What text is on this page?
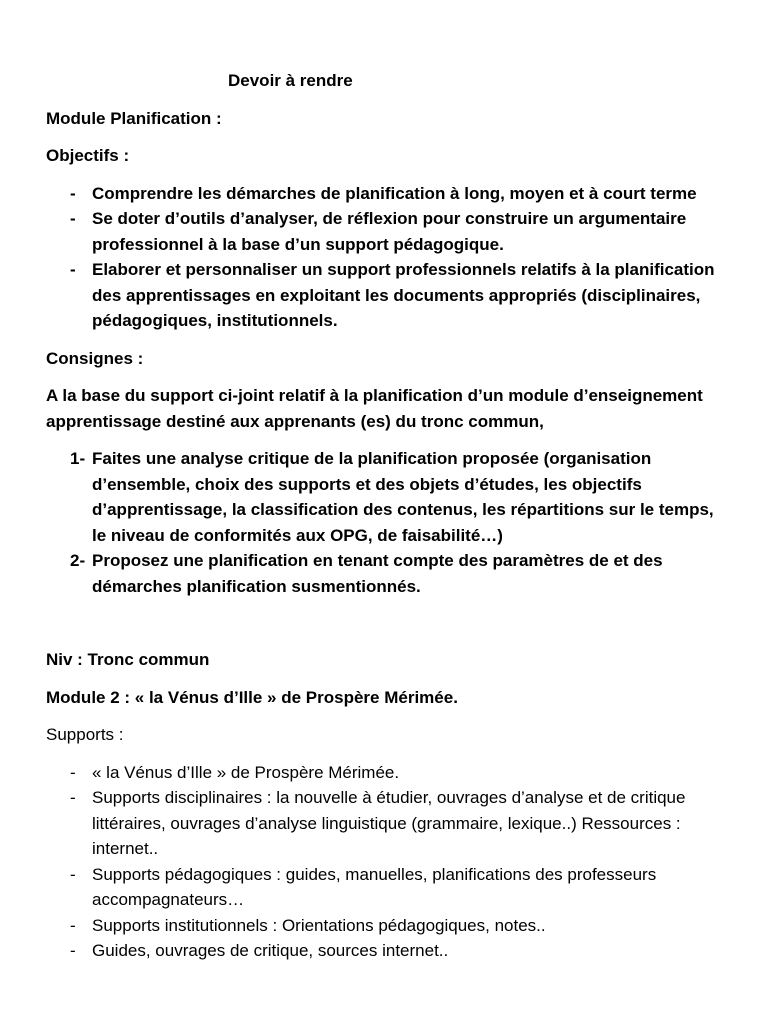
Devoir à rendre
Module Planification :
Objectifs :
- Comprendre les démarches de planification à long, moyen et à court terme
- Se doter d’outils d’analyser, de réflexion pour construire un argumentaire professionnel à la base d’un support pédagogique.
- Elaborer et personnaliser un support professionnels relatifs à la planification des apprentissages en exploitant les documents appropriés (disciplinaires, pédagogiques, institutionnels.
Consignes :
A la base du support ci-joint relatif à la planification d’un module d’enseignement apprentissage destiné aux apprenants (es) du tronc commun,
1- Faites une analyse critique de la planification proposée (organisation d’ensemble, choix des supports et des objets d’études, les objectifs d’apprentissage, la classification des contenus, les répartitions sur le temps, le niveau de conformités aux OPG, de faisabilité…)
2- Proposez une planification en tenant compte des paramètres de et des démarches planification susmentionnés.
Niv : Tronc commun
Module 2 : « la Vénus d’Ille » de Prospère Mérimée.
Supports :
- « la Vénus d’Ille » de Prospère Mérimée.
- Supports disciplinaires : la nouvelle à étudier, ouvrages d’analyse et de critique littéraires, ouvrages d’analyse linguistique (grammaire, lexique..) Ressources : internet..
- Supports pédagogiques : guides, manuelles, planifications des professeurs accompagnateurs…
- Supports institutionnels : Orientations pédagogiques, notes..
- Guides, ouvrages de critique, sources internet..
